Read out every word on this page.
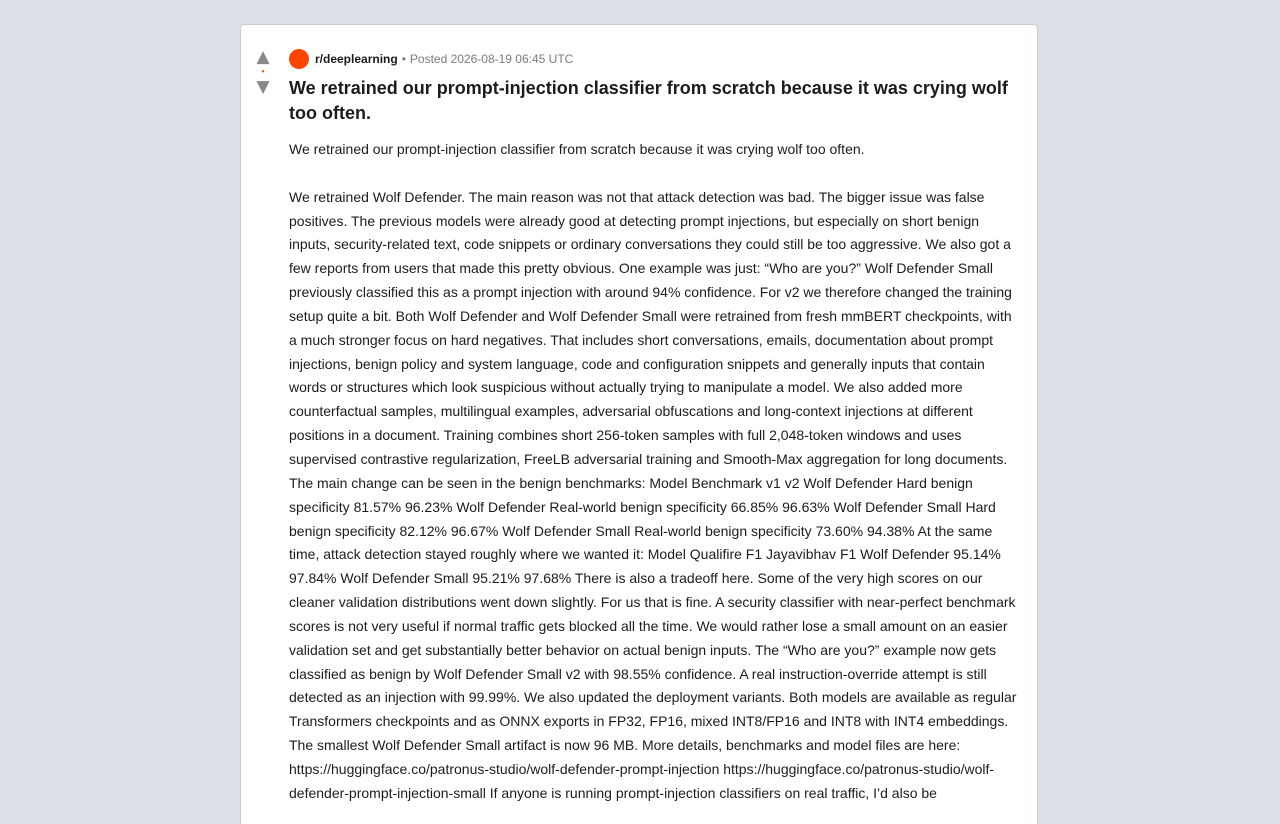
▲
•
▼
r/deeplearning • Posted 2026-08-19 06:45 UTC
We retrained our prompt-injection classifier from scratch because it was crying wolf too often.

We retrained our prompt-injection classifier from scratch because it was crying wolf too often.

We retrained Wolf Defender. The main reason was not that attack detection was bad. The bigger issue was false positives. The previous models were already good at detecting prompt injections, but especially on short benign inputs, security-related text, code snippets or ordinary conversations they could still be too aggressive. We also got a few reports from users that made this pretty obvious. One example was just: “Who are you?” Wolf Defender Small previously classified this as a prompt injection with around 94% confidence. For v2 we therefore changed the training setup quite a bit. Both Wolf Defender and Wolf Defender Small were retrained from fresh mmBERT checkpoints, with a much stronger focus on hard negatives. That includes short conversations, emails, documentation about prompt injections, benign policy and system language, code and configuration snippets and generally inputs that contain words or structures which look suspicious without actually trying to manipulate a model. We also added more counterfactual samples, multilingual examples, adversarial obfuscations and long-context injections at different positions in a document. Training combines short 256-token samples with full 2,048-token windows and uses supervised contrastive regularization, FreeLB adversarial training and Smooth-Max aggregation for long documents. The main change can be seen in the benign benchmarks: Model Benchmark v1 v2 Wolf Defender Hard benign specificity 81.57% 96.23% Wolf Defender Real-world benign specificity 66.85% 96.63% Wolf Defender Small Hard benign specificity 82.12% 96.67% Wolf Defender Small Real-world benign specificity 73.60% 94.38% At the same time, attack detection stayed roughly where we wanted it: Model Qualifire F1 Jayavibhav F1 Wolf Defender 95.14% 97.84% Wolf Defender Small 95.21% 97.68% There is also a tradeoff here. Some of the very high scores on our cleaner validation distributions went down slightly. For us that is fine. A security classifier with near-perfect benchmark scores is not very useful if normal traffic gets blocked all the time. We would rather lose a small amount on an easier validation set and get substantially better behavior on actual benign inputs. The “Who are you?” example now gets classified as benign by Wolf Defender Small v2 with 98.55% confidence. A real instruction-override attempt is still detected as an injection with 99.99%. We also updated the deployment variants. Both models are available as regular Transformers checkpoints and as ONNX exports in FP32, FP16, mixed INT8/FP16 and INT8 with INT4 embeddings. The smallest Wolf Defender Small artifact is now 96 MB. More details, benchmarks and model files are here: https://huggingface.co/patronus-studio/wolf-defender-prompt-injection https://huggingface.co/patronus-studio/wolf-defender-prompt-injection-small If anyone is running prompt-injection classifiers on real traffic, I’d also be
